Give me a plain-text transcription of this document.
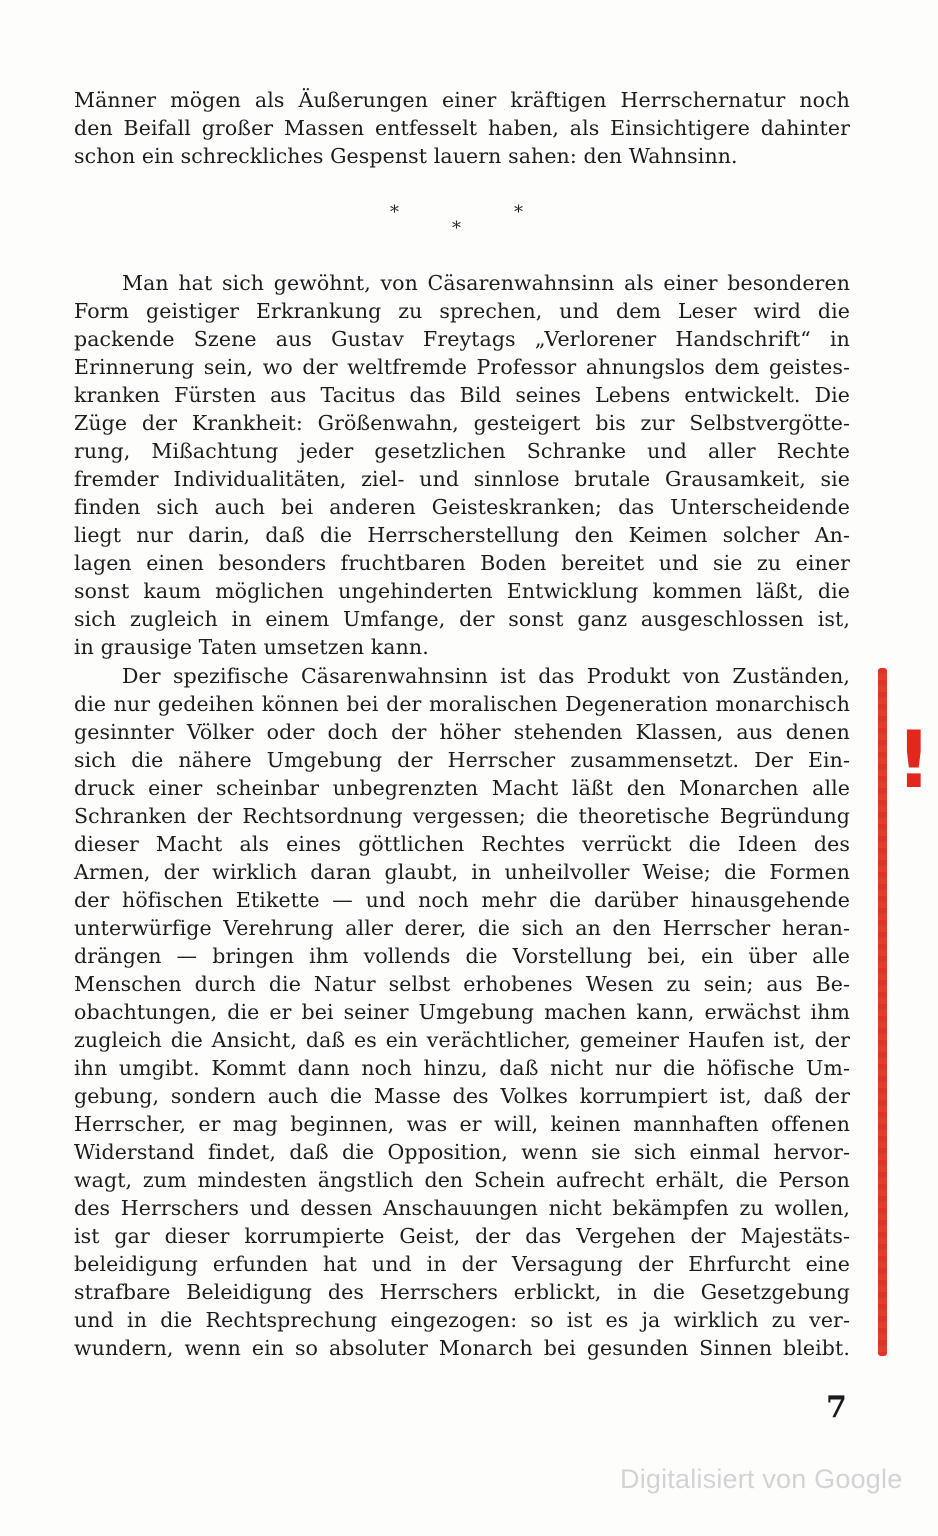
Männer mögen als Äußerungen einer kräftigen Herrschernatur noch
den Beifall großer Massen entfesselt haben, als Einsichtigere dahinter
schon ein schreckliches Gespenst lauern sahen: den Wahnsinn.
*
*
*
Man hat sich gewöhnt, von Cäsarenwahnsinn als einer besonderen
Form geistiger Erkrankung zu sprechen, und dem Leser wird die
packende Szene aus Gustav Freytags „Verlorener Handschrift“ in
Erinnerung sein, wo der weltfremde Professor ahnungslos dem geistes-
kranken Fürsten aus Tacitus das Bild seines Lebens entwickelt. Die
Züge der Krankheit: Größenwahn, gesteigert bis zur Selbstvergötte-
rung, Mißachtung jeder gesetzlichen Schranke und aller Rechte
fremder Individualitäten, ziel- und sinnlose brutale Grausamkeit, sie
finden sich auch bei anderen Geisteskranken; das Unterscheidende
liegt nur darin, daß die Herrscherstellung den Keimen solcher An-
lagen einen besonders fruchtbaren Boden bereitet und sie zu einer
sonst kaum möglichen ungehinderten Entwicklung kommen läßt, die
sich zugleich in einem Umfange, der sonst ganz ausgeschlossen ist,
in grausige Taten umsetzen kann.
Der spezifische Cäsarenwahnsinn ist das Produkt von Zuständen,
die nur gedeihen können bei der moralischen Degeneration monarchisch
gesinnter Völker oder doch der höher stehenden Klassen, aus denen
sich die nähere Umgebung der Herrscher zusammensetzt. Der Ein-
druck einer scheinbar unbegrenzten Macht läßt den Monarchen alle
Schranken der Rechtsordnung vergessen; die theoretische Begründung
dieser Macht als eines göttlichen Rechtes verrückt die Ideen des
Armen, der wirklich daran glaubt, in unheilvoller Weise; die Formen
der höfischen Etikette — und noch mehr die darüber hinausgehende
unterwürfige Verehrung aller derer, die sich an den Herrscher heran-
drängen — bringen ihm vollends die Vorstellung bei, ein über alle
Menschen durch die Natur selbst erhobenes Wesen zu sein; aus Be-
obachtungen, die er bei seiner Umgebung machen kann, erwächst ihm
zugleich die Ansicht, daß es ein verächtlicher, gemeiner Haufen ist, der
ihn umgibt. Kommt dann noch hinzu, daß nicht nur die höfische Um-
gebung, sondern auch die Masse des Volkes korrumpiert ist, daß der
Herrscher, er mag beginnen, was er will, keinen mannhaften offenen
Widerstand findet, daß die Opposition, wenn sie sich einmal hervor-
wagt, zum mindesten ängstlich den Schein aufrecht erhält, die Person
des Herrschers und dessen Anschauungen nicht bekämpfen zu wollen,
ist gar dieser korrumpierte Geist, der das Vergehen der Majestäts-
beleidigung erfunden hat und in der Versagung der Ehrfurcht eine
strafbare Beleidigung des Herrschers erblickt, in die Gesetzgebung
und in die Rechtsprechung eingezogen: so ist es ja wirklich zu ver-
wundern, wenn ein so absoluter Monarch bei gesunden Sinnen bleibt.
!
7
Digitalisiert von Google
